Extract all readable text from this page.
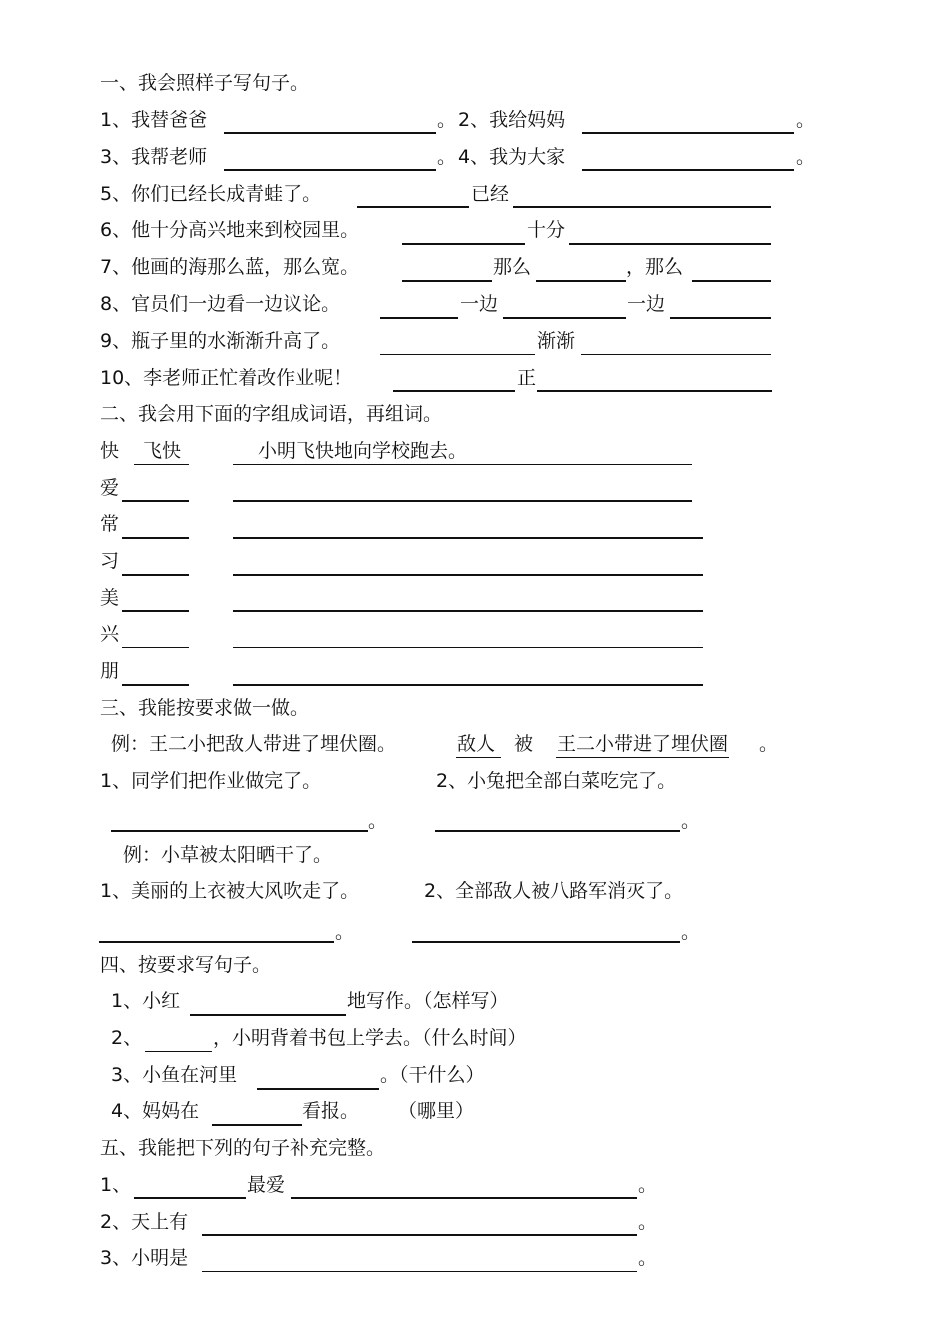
一、我会照样子写句子。
1、我替爸爸	。 2、我给妈妈	。
3、我帮老师	。 4、我为大家	。
5、你们已经长成青蛙了。	已经
6、他十分高兴地来到校园里。	十分
7、他画的海那么蓝，那么宽。	那么	，那么
8、官员们一边看一边议论。	一边	一边
9、瓶子里的水渐渐升高了。	渐渐
10、李老师正忙着改作业呢！	正
二、我会用下面的字组成词语，再组词。
快 飞快	小明飞快地向学校跑去。
爱
常
习
美
兴
朋
三、我能按要求做一做。
例：王二小把敌人带进了埋伏圈。	敌人 被 王二小带进了埋伏圈 。
1、同学们把作业做完了。	2、小兔把全部白菜吃完了。
。	。
例：小草被太阳晒干了。
1、美丽的上衣被大风吹走了。	2、全部敌人被八路军消灭了。
。	。
四、按要求写句子。
1、小红	地写作。（怎样写）
2、	，小明背着书包上学去。（什么时间）
3、小鱼在河里	。（干什么）
4、妈妈在	看报。 （哪里）
五、我能把下列的句子补充完整。
1、	最爱	。
2、天上有	。
3、小明是	。
